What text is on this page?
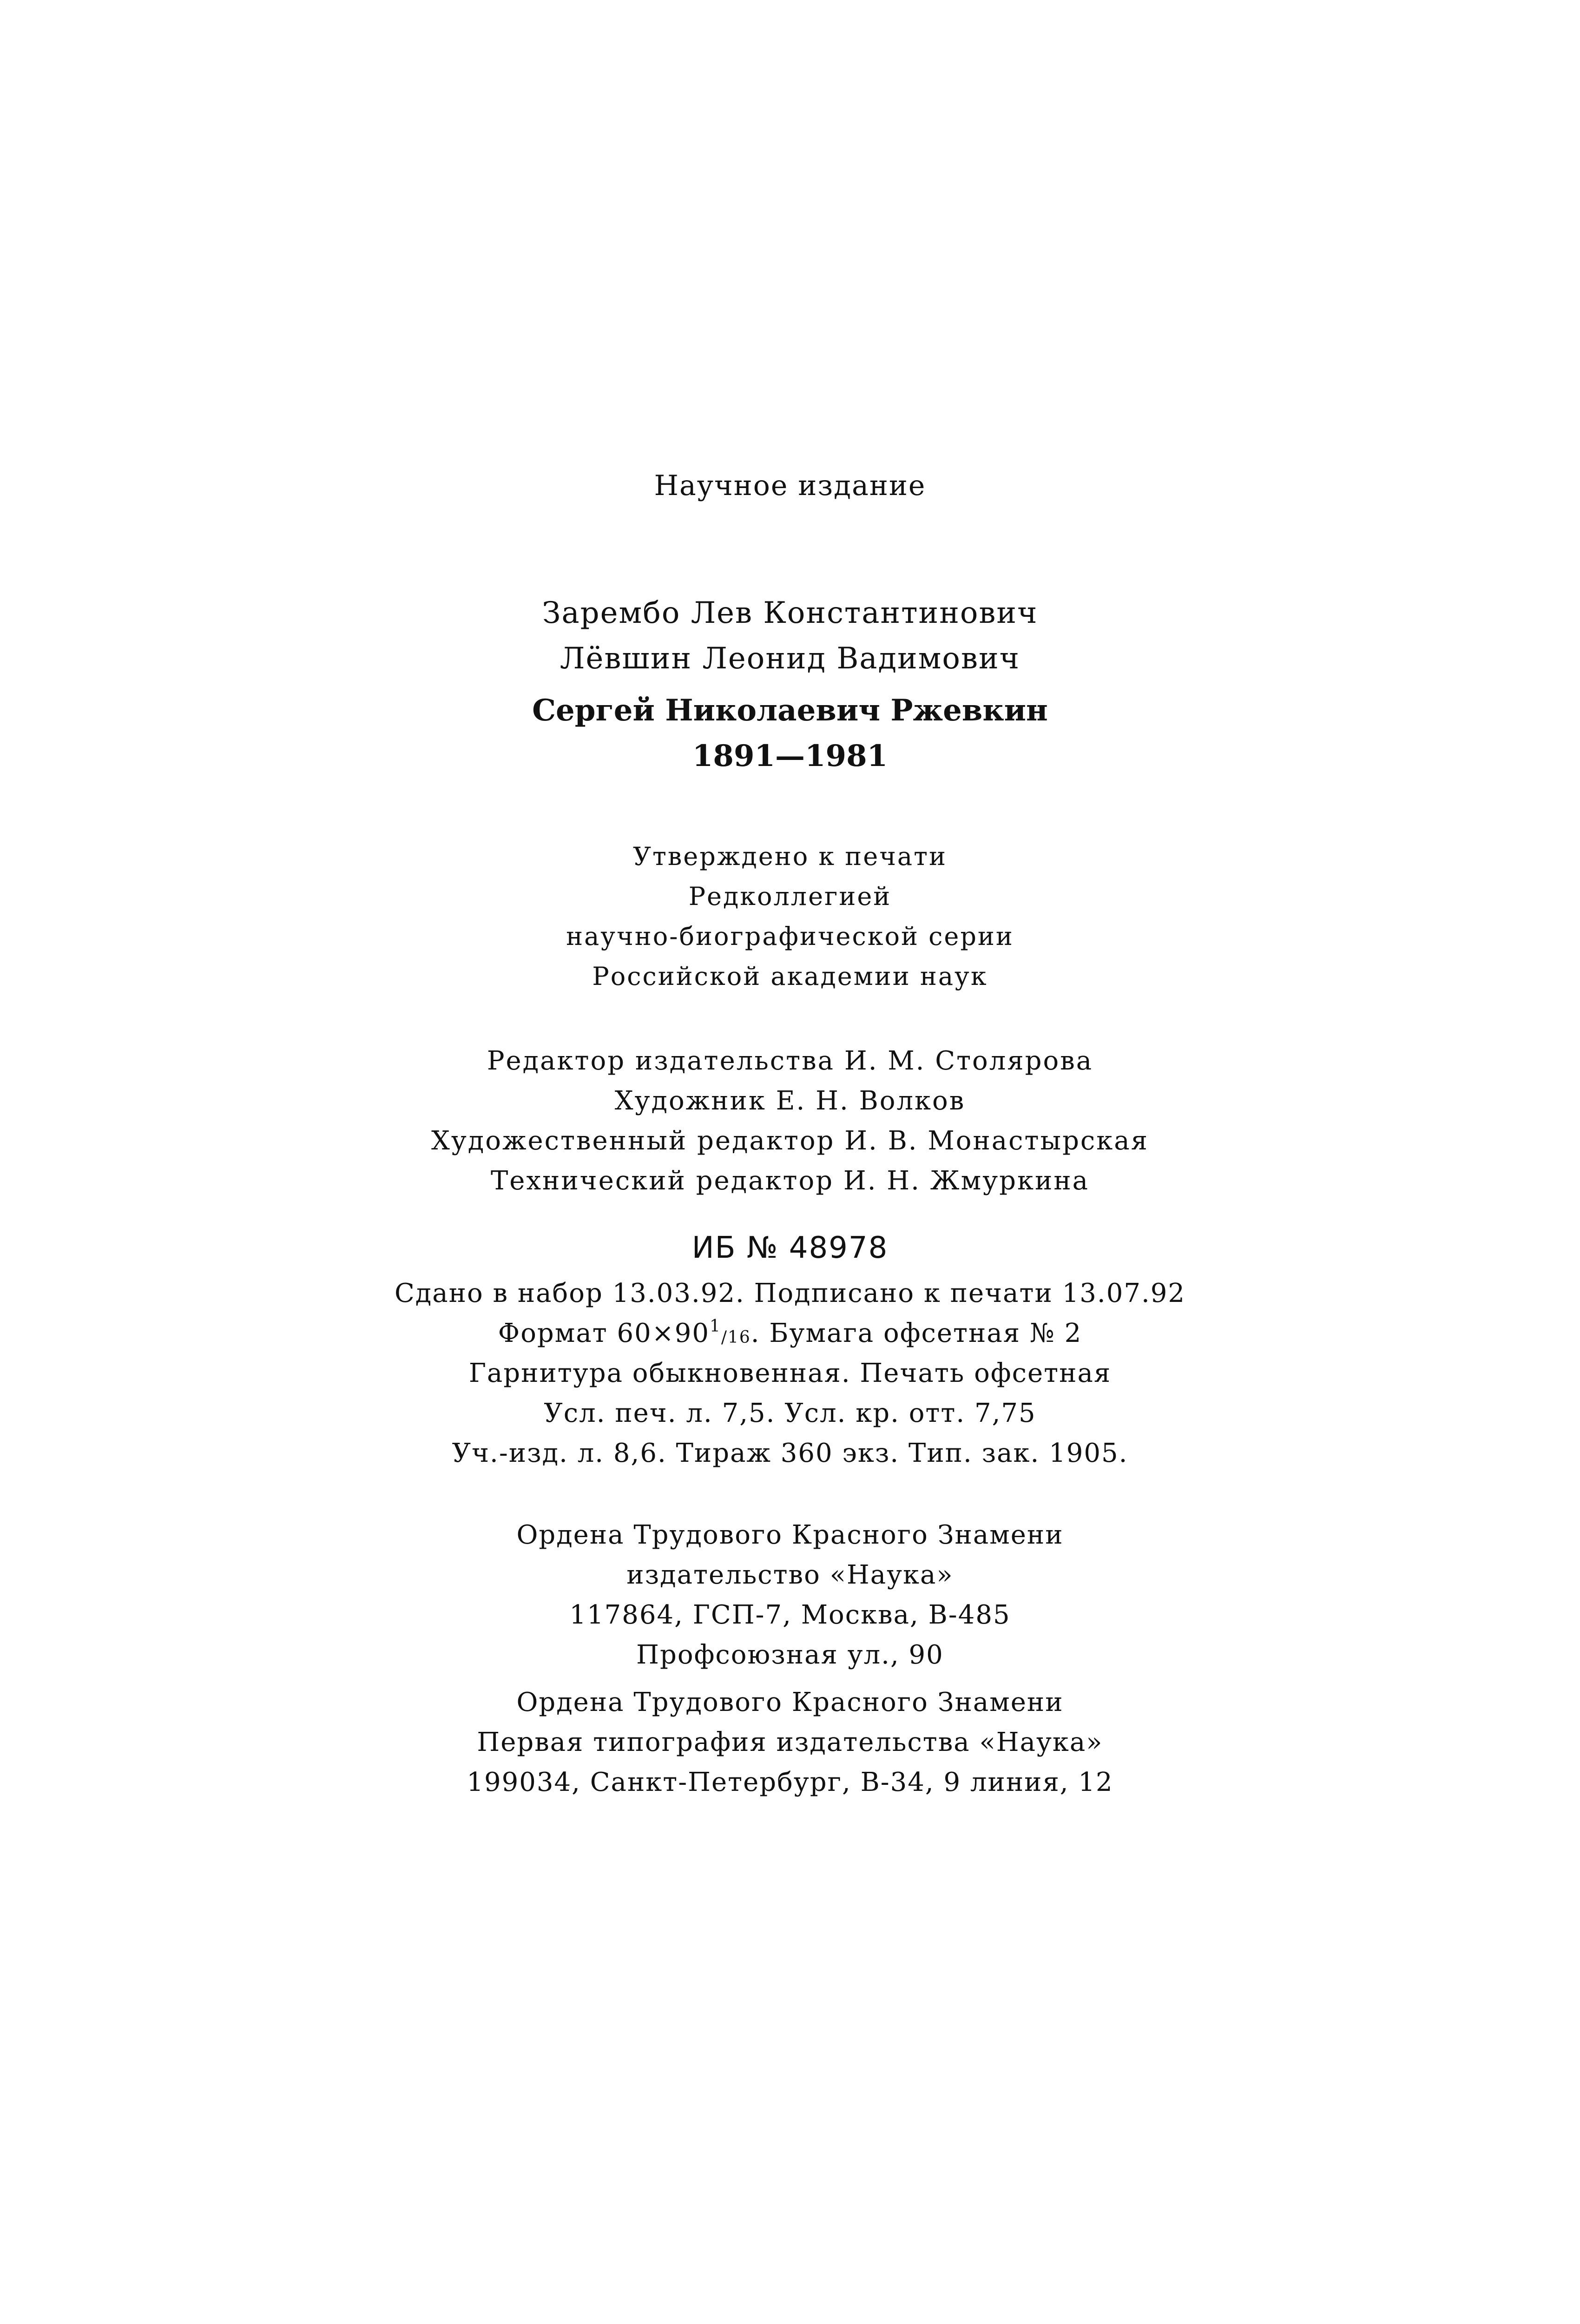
Научное издание
Зарембо Лев Константинович
Лёвшин Леонид Вадимович
Сергей Николаевич Ржевкин
1891—1981
Утверждено к печати
Редколлегией
научно-биографической серии
Российской академии наук
Редактор издательства И. М. Столярова
Художник Е. Н. Волков
Художественный редактор И. В. Монастырская
Технический редактор И. Н. Жмуркина
ИБ № 48978
Сдано в набор 13.03.92. Подписано к печати 13.07.92
Формат $60\times 90^1_{/16}$. Бумага офсетная № 2
Гарнитура обыкновенная. Печать офсетная
Усл. печ. л. 7,5. Усл. кр. отт. 7,75
Уч.-изд. л. 8,6. Тираж 360 экз. Тип. зак. 1905.
Ордена Трудового Красного Знамени
издательство «Наука»
117864, ГСП-7, Москва, В-485
Профсоюзная ул., 90
Ордена Трудового Красного Знамени
Первая типография издательства «Наука»
199034, Санкт-Петербург, В-34, 9 линия, 12
